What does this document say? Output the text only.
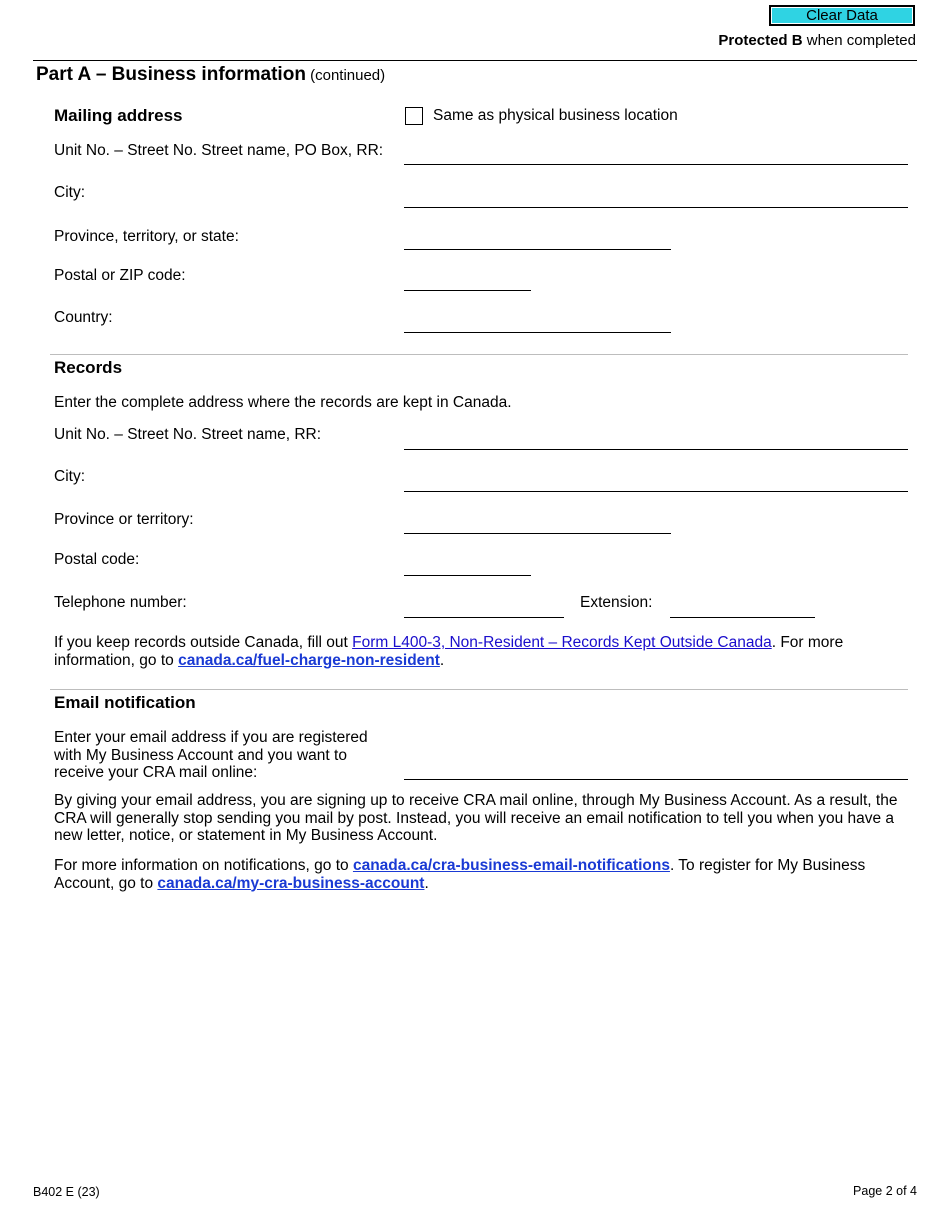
Clear Data
Protected B when completed
Part A – Business information (continued)
Mailing address	Same as physical business location
Unit No. – Street No. Street name, PO Box, RR:
City:
Province, territory, or state:
Postal or ZIP code:
Country:
Records
Enter the complete address where the records are kept in Canada.
Unit No. – Street No. Street name, RR:
City:
Province or territory:
Postal code:
Telephone number:	Extension:
If you keep records outside Canada, fill out Form L400-3, Non-Resident – Records Kept Outside Canada. For more information, go to canada.ca/fuel-charge-non-resident.
Email notification
Enter your email address if you are registered with My Business Account and you want to receive your CRA mail online:
By giving your email address, you are signing up to receive CRA mail online, through My Business Account. As a result, the CRA will generally stop sending you mail by post. Instead, you will receive an email notification to tell you when you have a new letter, notice, or statement in My Business Account.
For more information on notifications, go to canada.ca/cra-business-email-notifications. To register for My Business Account, go to canada.ca/my-cra-business-account.
B402 E (23)	Page 2 of 4
